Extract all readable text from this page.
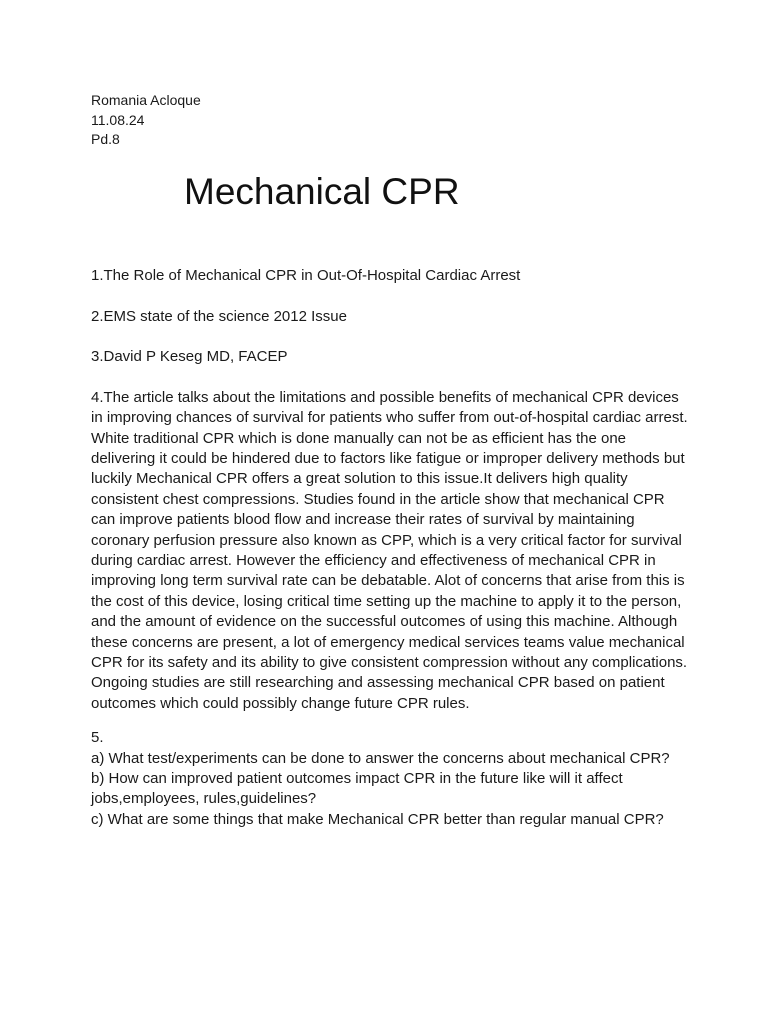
Romania Acloque

11.08.24

Pd.8

Mechanical CPR

1.The Role of Mechanical CPR in Out-Of-Hospital Cardiac Arrest

2.EMS state of the science 2012 Issue

3.David P Keseg MD, FACEP

4.The article talks about the limitations and possible benefits of mechanical CPR devices in improving chances of survival for patients who suffer from out-of-hospital cardiac arrest. White traditional CPR which is done manually can not be as efficient has the one delivering it could be hindered due to factors like fatigue or improper delivery methods but luckily Mechanical CPR offers a great solution to this issue.It delivers high quality consistent chest compressions. Studies found in the article show that mechanical CPR can improve patients blood flow and increase their rates of survival by maintaining coronary perfusion pressure also known as CPP, which is a very critical factor for survival during cardiac arrest. However the efficiency and effectiveness of mechanical CPR in improving long term survival rate can be debatable. Alot of concerns that arise from this is the cost of this device, losing critical time setting up the machine to apply it to the person, and the amount of evidence on the successful outcomes of using this machine. Although these concerns are present, a lot of emergency medical services teams value mechanical CPR for its safety and its ability to give consistent compression without any complications. Ongoing studies are still researching and assessing mechanical CPR based on patient outcomes which could possibly change future CPR rules.

5.

a) What test/experiments can be done to answer the concerns about mechanical CPR?

b) How can improved patient outcomes impact CPR in the future like will it affect jobs,employees, rules,guidelines?

c) What are some things that make Mechanical CPR better than regular manual CPR?
